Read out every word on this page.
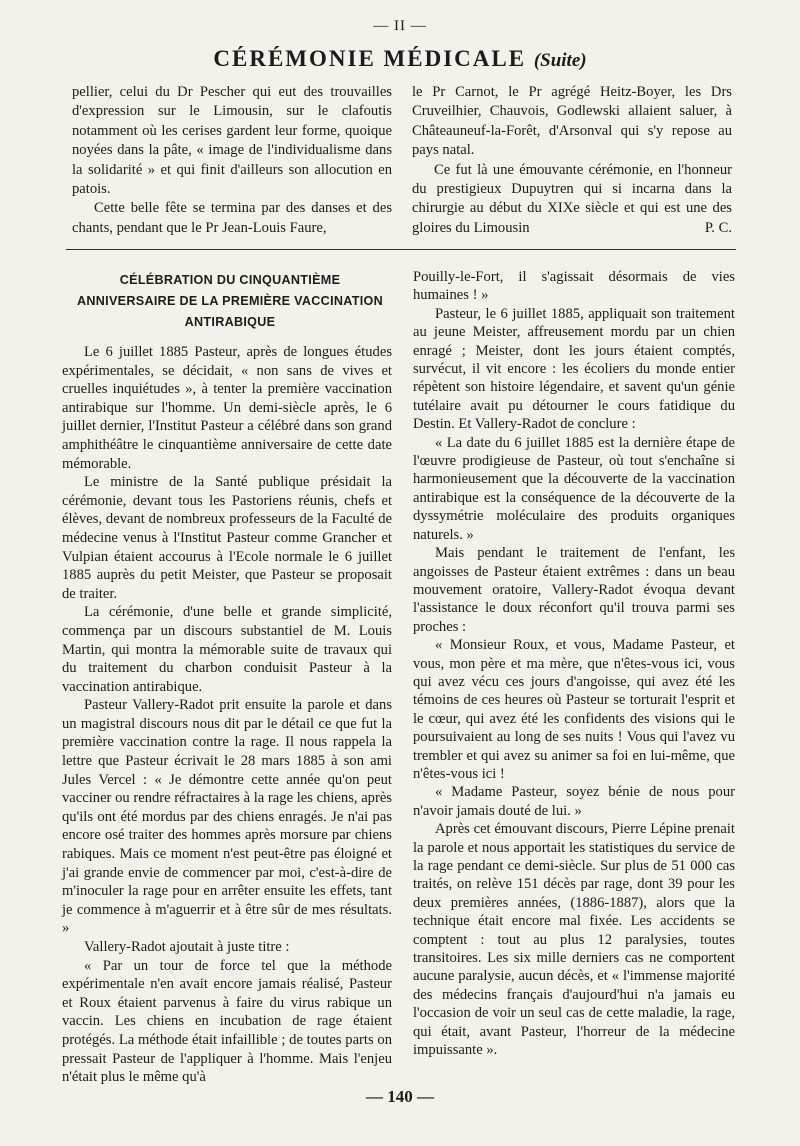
— II —
CÉRÉMONIE MÉDICALE (Suite)

pellier, celui du Dr Pescher qui eut des trouvailles d'expression sur le Limousin, sur le clafoutis notamment où les cerises gardent leur forme, quoique noyées dans la pâte, « image de l'individualisme dans la solidarité » et qui finit d'ailleurs son allocution en patois.

Cette belle fête se termina par des danses et des chants, pendant que le Pr Jean-Louis Faure,

le Pr Carnot, le Pr agrégé Heitz-Boyer, les Drs Cruveilhier, Chauvois, Godlewski allaient saluer, à Châteauneuf-la-Forêt, d'Arsonval qui s'y repose au pays natal.

Ce fut là une émouvante cérémonie, en l'honneur du prestigieux Dupuytren qui si incarna dans la chirurgie au début du XIXe siècle et qui est une des gloires du Limousin	P. C.

CÉLÉBRATION DU CINQUANTIÈME
ANNIVERSAIRE DE LA PREMIÈRE VACCINATION
ANTIRABIQUE

Le 6 juillet 1885 Pasteur, après de longues études expérimentales, se décidait, « non sans de vives et cruelles inquiétudes », à tenter la première vaccination antirabique sur l'homme. Un demi-siècle après, le 6 juillet dernier, l'Institut Pasteur a célébré dans son grand amphithéâtre le cinquantième anniversaire de cette date mémorable.

Le ministre de la Santé publique présidait la cérémonie, devant tous les Pastoriens réunis, chefs et élèves, devant de nombreux professeurs de la Faculté de médecine venus à l'Institut Pasteur comme Grancher et Vulpian étaient accourus à l'Ecole normale le 6 juillet 1885 auprès du petit Meister, que Pasteur se proposait de traiter.

La cérémonie, d'une belle et grande simplicité, commença par un discours substantiel de M. Louis Martin, qui montra la mémorable suite de travaux qui du traitement du charbon conduisit Pasteur à la vaccination antirabique.

Pasteur Vallery-Radot prit ensuite la parole et dans un magistral discours nous dit par le détail ce que fut la première vaccination contre la rage. Il nous rappela la lettre que Pasteur écrivait le 28 mars 1885 à son ami Jules Vercel : « Je démontre cette année qu'on peut vacciner ou rendre réfractaires à la rage les chiens, après qu'ils ont été mordus par des chiens enragés. Je n'ai pas encore osé traiter des hommes après morsure par chiens rabiques. Mais ce moment n'est peut-être pas éloigné et j'ai grande envie de commencer par moi, c'est-à-dire de m'inoculer la rage pour en arrêter ensuite les effets, tant je commence à m'aguerrir et à être sûr de mes résultats. »

Vallery-Radot ajoutait à juste titre :

« Par un tour de force tel que la méthode expérimentale n'en avait encore jamais réalisé, Pasteur et Roux étaient parvenus à faire du virus rabique un vaccin. Les chiens en incubation de rage étaient protégés. La méthode était infaillible ; de toutes parts on pressait Pasteur de l'appliquer à l'homme. Mais l'enjeu n'était plus le même qu'à

Pouilly-le-Fort, il s'agissait désormais de vies humaines ! »

Pasteur, le 6 juillet 1885, appliquait son traitement au jeune Meister, affreusement mordu par un chien enragé ; Meister, dont les jours étaient comptés, survécut, il vit encore : les écoliers du monde entier répètent son histoire légendaire, et savent qu'un génie tutélaire avait pu détourner le cours fatidique du Destin. Et Vallery-Radot de conclure :

« La date du 6 juillet 1885 est la dernière étape de l'œuvre prodigieuse de Pasteur, où tout s'enchaîne si harmonieusement que la découverte de la vaccination antirabique est la conséquence de la découverte de la dyssymétrie moléculaire des produits organiques naturels. »

Mais pendant le traitement de l'enfant, les angoisses de Pasteur étaient extrêmes : dans un beau mouvement oratoire, Vallery-Radot évoqua devant l'assistance le doux réconfort qu'il trouva parmi ses proches :

« Monsieur Roux, et vous, Madame Pasteur, et vous, mon père et ma mère, que n'êtes-vous ici, vous qui avez vécu ces jours d'angoisse, qui avez été les témoins de ces heures où Pasteur se torturait l'esprit et le cœur, qui avez été les confidents des visions qui le poursuivaient au long de ses nuits ! Vous qui l'avez vu trembler et qui avez su animer sa foi en lui-même, que n'êtes-vous ici !

« Madame Pasteur, soyez bénie de nous pour n'avoir jamais douté de lui. »

Après cet émouvant discours, Pierre Lépine prenait la parole et nous apportait les statistiques du service de la rage pendant ce demi-siècle. Sur plus de 51 000 cas traités, on relève 151 décès par rage, dont 39 pour les deux premières années, (1886-1887), alors que la technique était encore mal fixée. Les accidents se comptent : tout au plus 12 paralysies, toutes transitoires. Les six mille derniers cas ne comportent aucune paralysie, aucun décès, et « l'immense majorité des médecins français d'aujourd'hui n'a jamais eu l'occasion de voir un seul cas de cette maladie, la rage, qui était, avant Pasteur, l'horreur de la médecine impuissante ».

— 140 —
